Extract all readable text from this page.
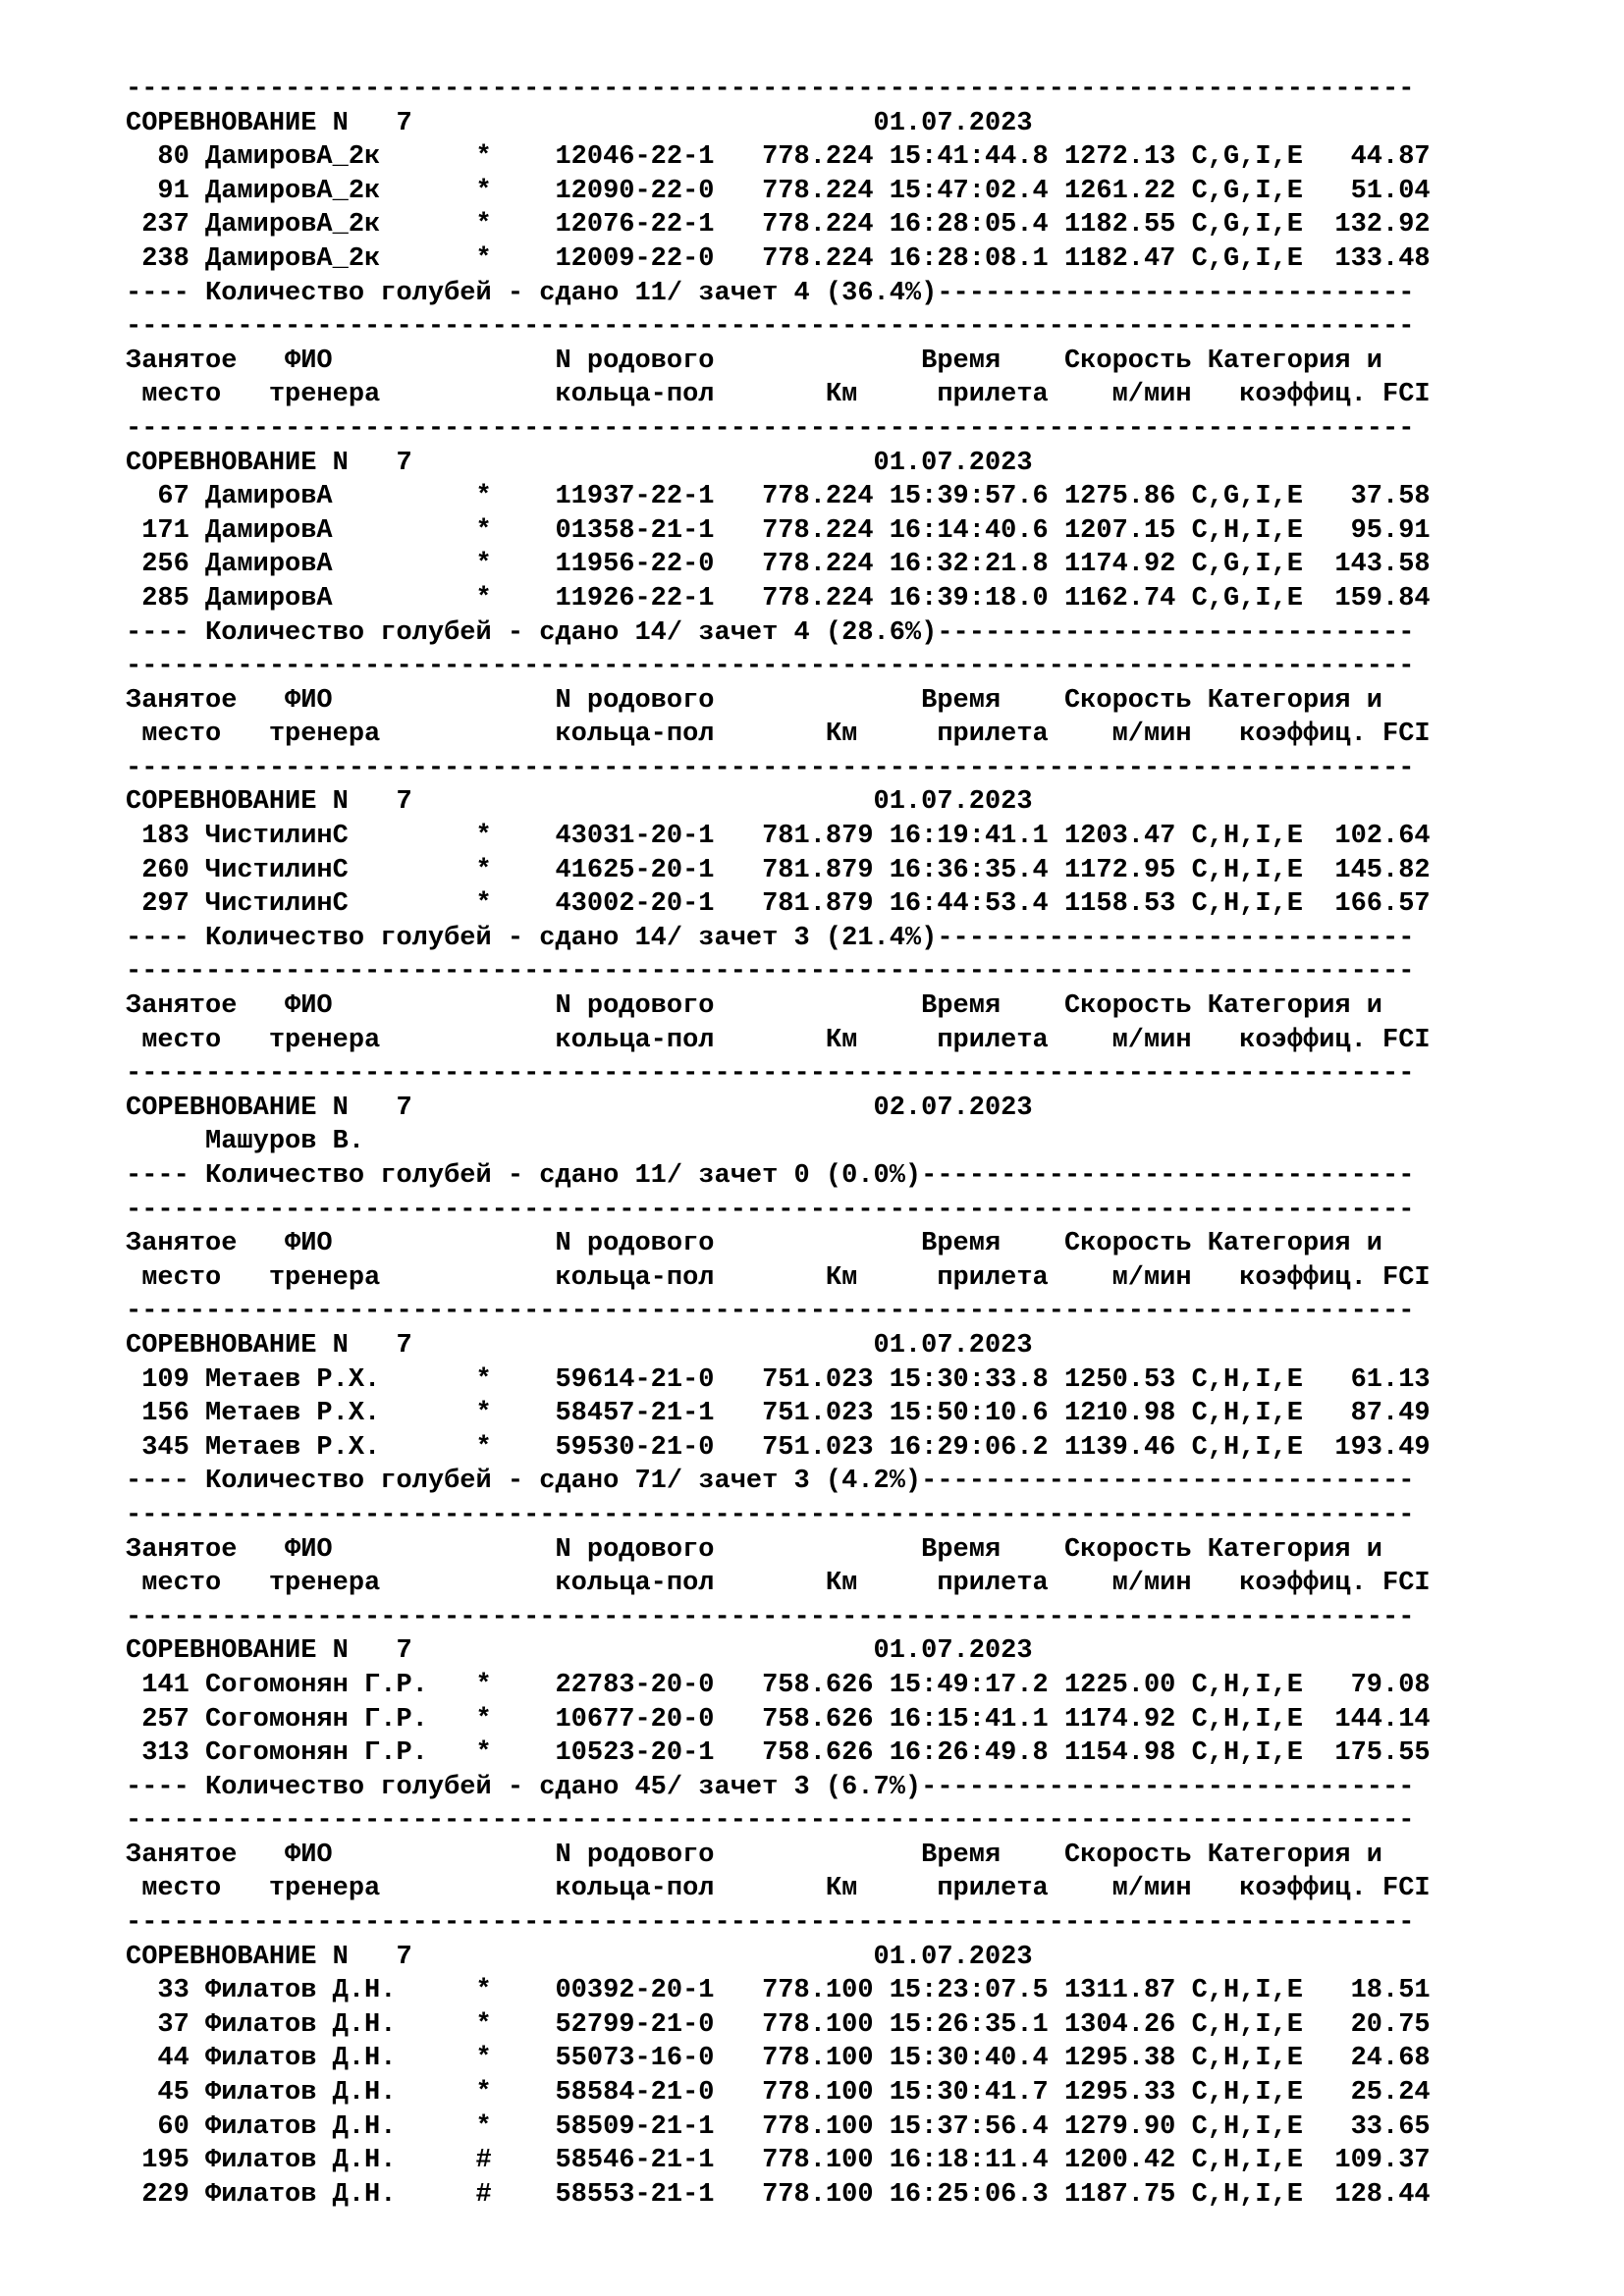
---------------------------------------------------------------------------------
СОРЕВНОВАНИЕ N   7                             01.07.2023
80 ДамировА_2к      *    12046-22-1   778.224 15:41:44.8 1272.13 C,G,I,E   44.87
91 ДамировА_2к      *    12090-22-0   778.224 15:47:02.4 1261.22 C,G,I,E   51.04
237 ДамировА_2к      *    12076-22-1   778.224 16:28:05.4 1182.55 C,G,I,E  132.92
238 ДамировА_2к      *    12009-22-0   778.224 16:28:08.1 1182.47 C,G,I,E  133.48
---- Количество голубей - сдано 11/ зачет 4 (36.4%)------------------------------
---------------------------------------------------------------------------------
Занятое   ФИО              N родового             Время    Скорость Категория и
место   тренера           кольца-пол       Км     прилета    м/мин   коэффиц. FCI
---------------------------------------------------------------------------------
СОРЕВНОВАНИЕ N   7                             01.07.2023
67 ДамировА         *    11937-22-1   778.224 15:39:57.6 1275.86 C,G,I,E   37.58
171 ДамировА         *    01358-21-1   778.224 16:14:40.6 1207.15 C,H,I,E   95.91
256 ДамировА         *    11956-22-0   778.224 16:32:21.8 1174.92 C,G,I,E  143.58
285 ДамировА         *    11926-22-1   778.224 16:39:18.0 1162.74 C,G,I,E  159.84
---- Количество голубей - сдано 14/ зачет 4 (28.6%)------------------------------
---------------------------------------------------------------------------------
Занятое   ФИО              N родового             Время    Скорость Категория и
место   тренера           кольца-пол       Км     прилета    м/мин   коэффиц. FCI
---------------------------------------------------------------------------------
СОРЕВНОВАНИЕ N   7                             01.07.2023
183 ЧистилинС        *    43031-20-1   781.879 16:19:41.1 1203.47 C,H,I,E  102.64
260 ЧистилинС        *    41625-20-1   781.879 16:36:35.4 1172.95 C,H,I,E  145.82
297 ЧистилинС        *    43002-20-1   781.879 16:44:53.4 1158.53 C,H,I,E  166.57
---- Количество голубей - сдано 14/ зачет 3 (21.4%)------------------------------
---------------------------------------------------------------------------------
Занятое   ФИО              N родового             Время    Скорость Категория и
место   тренера           кольца-пол       Км     прилета    м/мин   коэффиц. FCI
---------------------------------------------------------------------------------
СОРЕВНОВАНИЕ N   7                             02.07.2023
Машуров В.
---- Количество голубей - сдано 11/ зачет 0 (0.0%)-------------------------------
---------------------------------------------------------------------------------
Занятое   ФИО              N родового             Время    Скорость Категория и
место   тренера           кольца-пол       Км     прилета    м/мин   коэффиц. FCI
---------------------------------------------------------------------------------
СОРЕВНОВАНИЕ N   7                             01.07.2023
109 Метаев Р.Х.      *    59614-21-0   751.023 15:30:33.8 1250.53 C,H,I,E   61.13
156 Метаев Р.Х.      *    58457-21-1   751.023 15:50:10.6 1210.98 C,H,I,E   87.49
345 Метаев Р.Х.      *    59530-21-0   751.023 16:29:06.2 1139.46 C,H,I,E  193.49
---- Количество голубей - сдано 71/ зачет 3 (4.2%)-------------------------------
---------------------------------------------------------------------------------
Занятое   ФИО              N родового             Время    Скорость Категория и
место   тренера           кольца-пол       Км     прилета    м/мин   коэффиц. FCI
---------------------------------------------------------------------------------
СОРЕВНОВАНИЕ N   7                             01.07.2023
141 Согомонян Г.Р.   *    22783-20-0   758.626 15:49:17.2 1225.00 C,H,I,E   79.08
257 Согомонян Г.Р.   *    10677-20-0   758.626 16:15:41.1 1174.92 C,H,I,E  144.14
313 Согомонян Г.Р.   *    10523-20-1   758.626 16:26:49.8 1154.98 C,H,I,E  175.55
---- Количество голубей - сдано 45/ зачет 3 (6.7%)-------------------------------
---------------------------------------------------------------------------------
Занятое   ФИО              N родового             Время    Скорость Категория и
место   тренера           кольца-пол       Км     прилета    м/мин   коэффиц. FCI
---------------------------------------------------------------------------------
СОРЕВНОВАНИЕ N   7                             01.07.2023
33 Филатов Д.Н.     *    00392-20-1   778.100 15:23:07.5 1311.87 C,H,I,E   18.51
37 Филатов Д.Н.     *    52799-21-0   778.100 15:26:35.1 1304.26 C,H,I,E   20.75
44 Филатов Д.Н.     *    55073-16-0   778.100 15:30:40.4 1295.38 C,H,I,E   24.68
45 Филатов Д.Н.     *    58584-21-0   778.100 15:30:41.7 1295.33 C,H,I,E   25.24
60 Филатов Д.Н.     *    58509-21-1   778.100 15:37:56.4 1279.90 C,H,I,E   33.65
195 Филатов Д.Н.     #    58546-21-1   778.100 16:18:11.4 1200.42 C,H,I,E  109.37
229 Филатов Д.Н.     #    58553-21-1   778.100 16:25:06.3 1187.75 C,H,I,E  128.44
